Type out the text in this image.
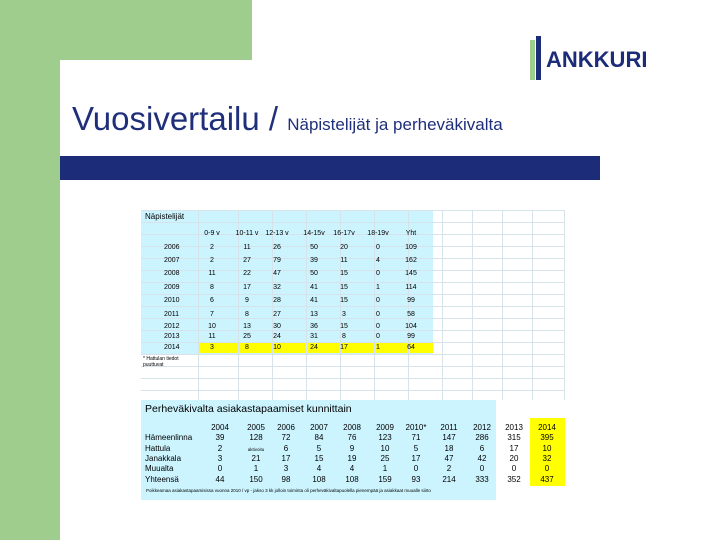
ANKKURI
Vuosivertailu / Näpistelijät ja perheväkivalta
Näpistelijät
0-9 v	10-11 v 12-13 v	14-15v	16-17v	18-19v	Yht
2006	2	11	26	50	20	0	109
2007	2	27	79	39	11	4	162
2008	11	22	47	50	15	0	145
2009	8	17	32	41	15	1	114
2010	6	9	28	41	15	0	99
2011	7	8	27	13	3	0	58
2012	10	13	30	36	15	0	104
2013	11	25	24	31	8	0	99
2014	3	8	10	24	17	1	64
* Hattulan tiedot puuttuvat
Perheväkivalta asiakastapaamiset kunnittain
2004	2005	2006	2007	2008	2009	2010*	2011	2012	2013	2014
Hämeenlinna	39	128	72	84	76	123	71	147	286	315	395
Hattula	2	aktivoitu	6	5	9	10	5	18	6	17	10
Janakkala	3	21	17	15	19	25	17	47	42	20	32
Muualta	0	1	3	4	4	1	0	2	0	0	0
Yhteensä	44	150	98	108	108	159	93	214	333	352	437
Poikkeamaa asiakastapaamisissa vuonna 2010 / vp - jakso 3 kk jolloin toiminta oli perheväkivaltapuolella pienempää ja asiakkaat muualle siirto
